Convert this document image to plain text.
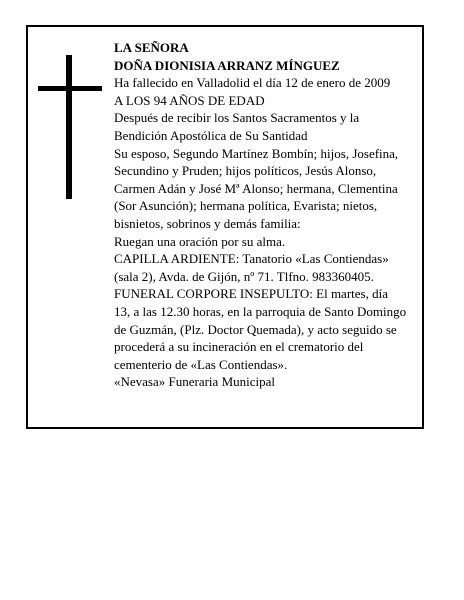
LA SEÑORA

DOÑA DIONISIA ARRANZ MÍNGUEZ

Ha fallecido en Valladolid el día 12 de enero de 2009

A LOS 94 AÑOS DE EDAD

Después de recibir los Santos Sacramentos y la

Bendición Apostólica de Su Santidad

Su esposo, Segundo Martínez Bombín; hijos, Josefina,

Secundino y Pruden; hijos políticos, Jesús Alonso,

Carmen Adán y José Mª Alonso; hermana, Clementina

(Sor Asunción); hermana política, Evarista; nietos,

bisnietos, sobrinos y demás familia:

Ruegan una oración por su alma.

CAPILLA ARDIENTE: Tanatorio «Las Contiendas»

(sala 2), Avda. de Gijón, nº 71. Tlfno. 983360405.

FUNERAL CORPORE INSEPULTO: El martes, día

13, a las 12.30 horas, en la parroquia de Santo Domingo

de Guzmán, (Plz. Doctor Quemada), y acto seguido se

procederá a su incineración en el crematorio del

cementerio de «Las Contiendas».

«Nevasa» Funeraria Municipal
